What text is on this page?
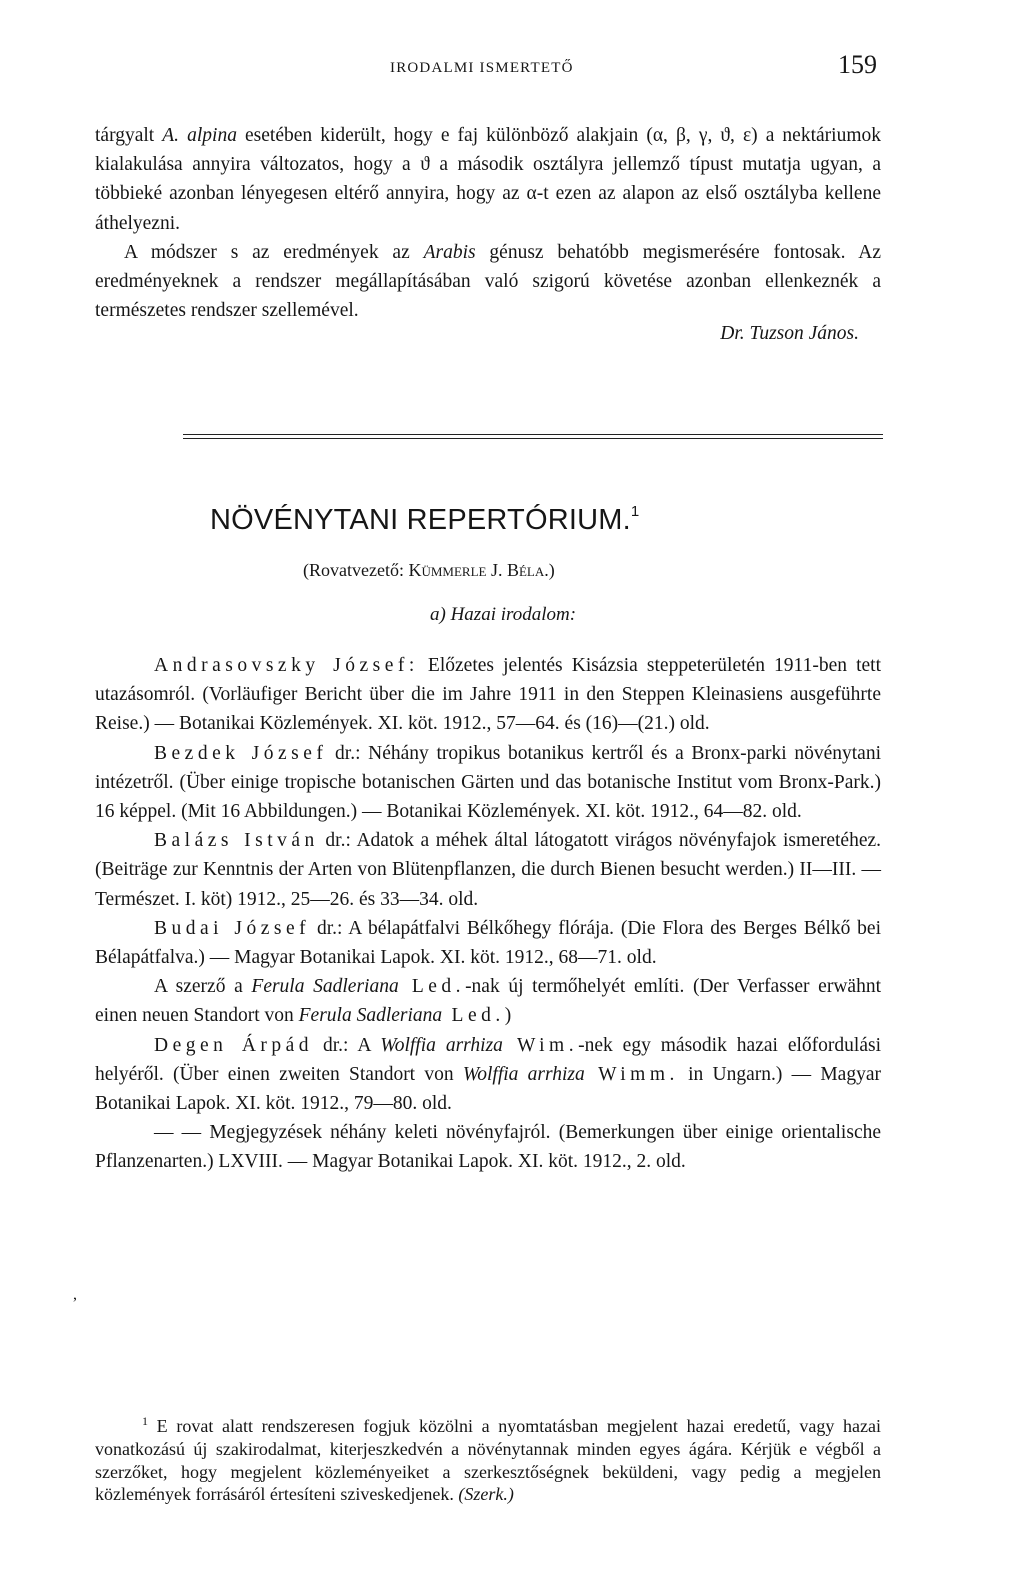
IRODALMI ISMERTETŐ	159

tárgyalt A. alpina esetében kiderült, hogy e faj különböző alakjain (α, β, γ, ϑ, ε) a nektáriumok kialakulása annyira változatos, hogy a ϑ a második osztályra jellemző típust mutatja ugyan, a többieké azonban lényegesen eltérő annyira, hogy az α-t ezen az alapon az első osztályba kellene áthelyezni.

A módszer s az eredmények az Arabis génusz behatóbb megismerésére fontosak. Az eredményeknek a rendszer megállapításában való szigorú követése azonban ellenkeznék a természetes rendszer szellemével.

Dr. Tuzson János.

NÖVÉNYTANI REPERTÓRIUM.$^1$
(Rovatvezető: Kümmerle J. Béla.)
a) Hazai irodalom:

Andrasovszky József: Előzetes jelentés Kisázsia steppeterületén 1911-ben tett utazásomról. (Vorläufiger Bericht über die im Jahre 1911 in den Steppen Kleinasiens ausgeführte Reise.) — Botanikai Közlemények. XI. köt. 1912., 57—64. és (16)—(21.) old.

Bezdek József dr.: Néhány tropikus botanikus kertről és a Bronx-parki növénytani intézetről. (Über einige tropische botanischen Gärten und das botanische Institut vom Bronx-Park.) 16 képpel. (Mit 16 Abbildungen.) — Botanikai Közlemények. XI. köt. 1912., 64—82. old.

Balázs István dr.: Adatok a méhek által látogatott virágos növényfajok ismeretéhez. (Beiträge zur Kenntnis der Arten von Blütenpflanzen, die durch Bienen besucht werden.) II—III. — Természet. I. köt) 1912., 25—26. és 33—34. old.

Budai József dr.: A bélapátfalvi Bélkőhegy flórája. (Die Flora des Berges Bélkő bei Bélapátfalva.) — Magyar Botanikai Lapok. XI. köt. 1912., 68—71. old.

A szerző a Ferula Sadleriana Led.-nak új termőhelyét említi. (Der Verfasser erwähnt einen neuen Standort von Ferula Sadleriana Led.)

Degen Árpád dr.: A Wolffia arrhiza Wim.-nek egy második hazai előfordulási helyéről. (Über einen zweiten Standort von Wolffia arrhiza Wimm. in Ungarn.) — Magyar Botanikai Lapok. XI. köt. 1912., 79—80. old.

— — Megjegyzések néhány keleti növényfajról. (Bemerkungen über einige orientalische Pflanzenarten.) LXVIII. — Magyar Botanikai Lapok. XI. köt. 1912., 2. old.

,
$^1$ E rovat alatt rendszeresen fogjuk közölni a nyomtatásban megjelent hazai eredetű, vagy hazai vonatkozású új szakirodalmat, kiterjeszkedvén a növénytannak minden egyes ágára. Kérjük e végből a szerzőket, hogy megjelent közleményeiket a szerkesztőségnek beküldeni, vagy pedig a megjelen közlemények forrásáról értesíteni sziveskedjenek. (Szerk.)
